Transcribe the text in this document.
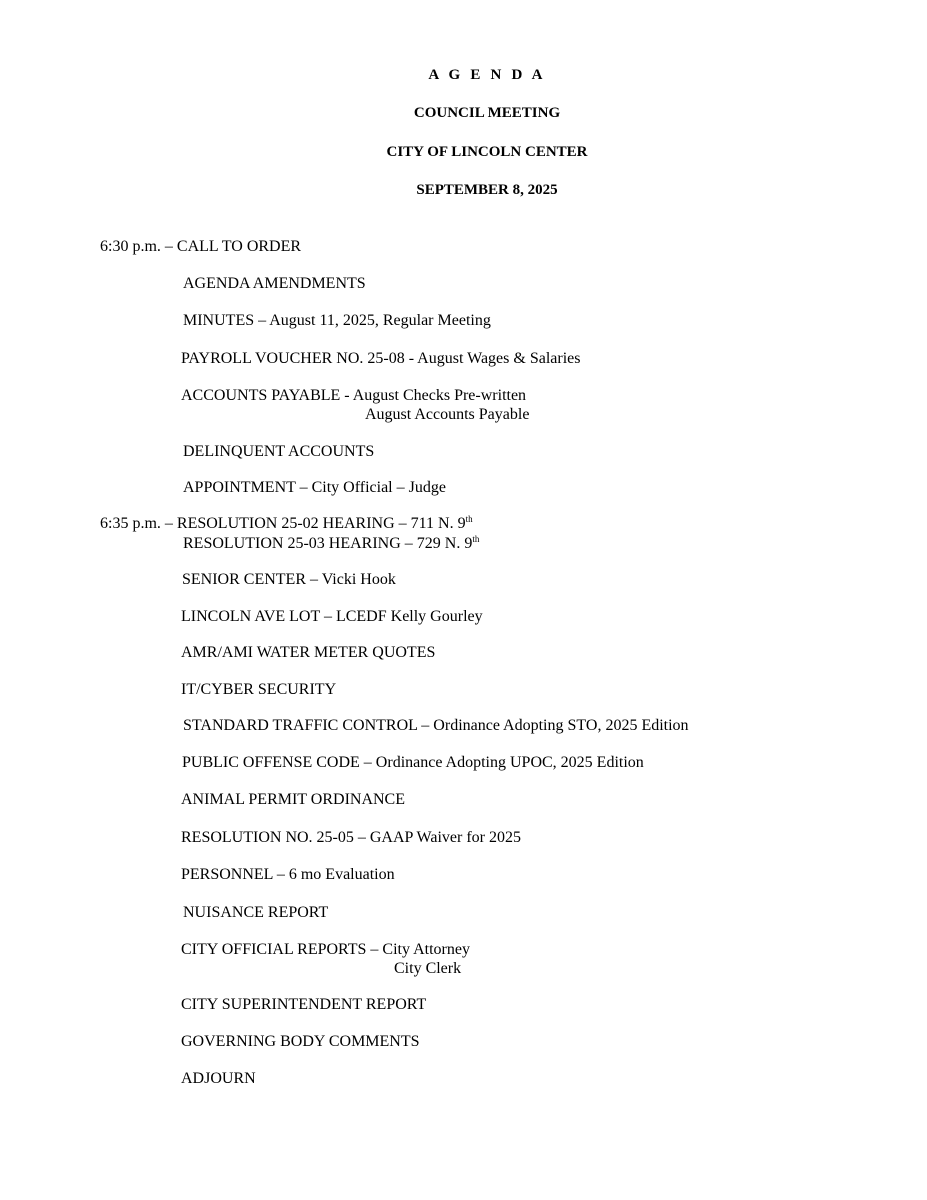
A G E N D A
COUNCIL MEETING
CITY OF LINCOLN CENTER
SEPTEMBER 8, 2025
6:30 p.m. – CALL TO ORDER
AGENDA AMENDMENTS
MINUTES – August 11, 2025, Regular Meeting
PAYROLL VOUCHER NO. 25-08 - August Wages & Salaries
ACCOUNTS PAYABLE - August Checks Pre-written
August Accounts Payable
DELINQUENT ACCOUNTS
APPOINTMENT – City Official – Judge
6:35 p.m. – RESOLUTION 25-02 HEARING – 711 N. 9th
RESOLUTION 25-03 HEARING – 729 N. 9th
SENIOR CENTER – Vicki Hook
LINCOLN AVE LOT – LCEDF Kelly Gourley
AMR/AMI WATER METER QUOTES
IT/CYBER SECURITY
STANDARD TRAFFIC CONTROL – Ordinance Adopting STO, 2025 Edition
PUBLIC OFFENSE CODE – Ordinance Adopting UPOC, 2025 Edition
ANIMAL PERMIT ORDINANCE
RESOLUTION NO. 25-05 – GAAP Waiver for 2025
PERSONNEL – 6 mo Evaluation
NUISANCE REPORT
CITY OFFICIAL REPORTS – City Attorney
City Clerk
CITY SUPERINTENDENT REPORT
GOVERNING BODY COMMENTS
ADJOURN
